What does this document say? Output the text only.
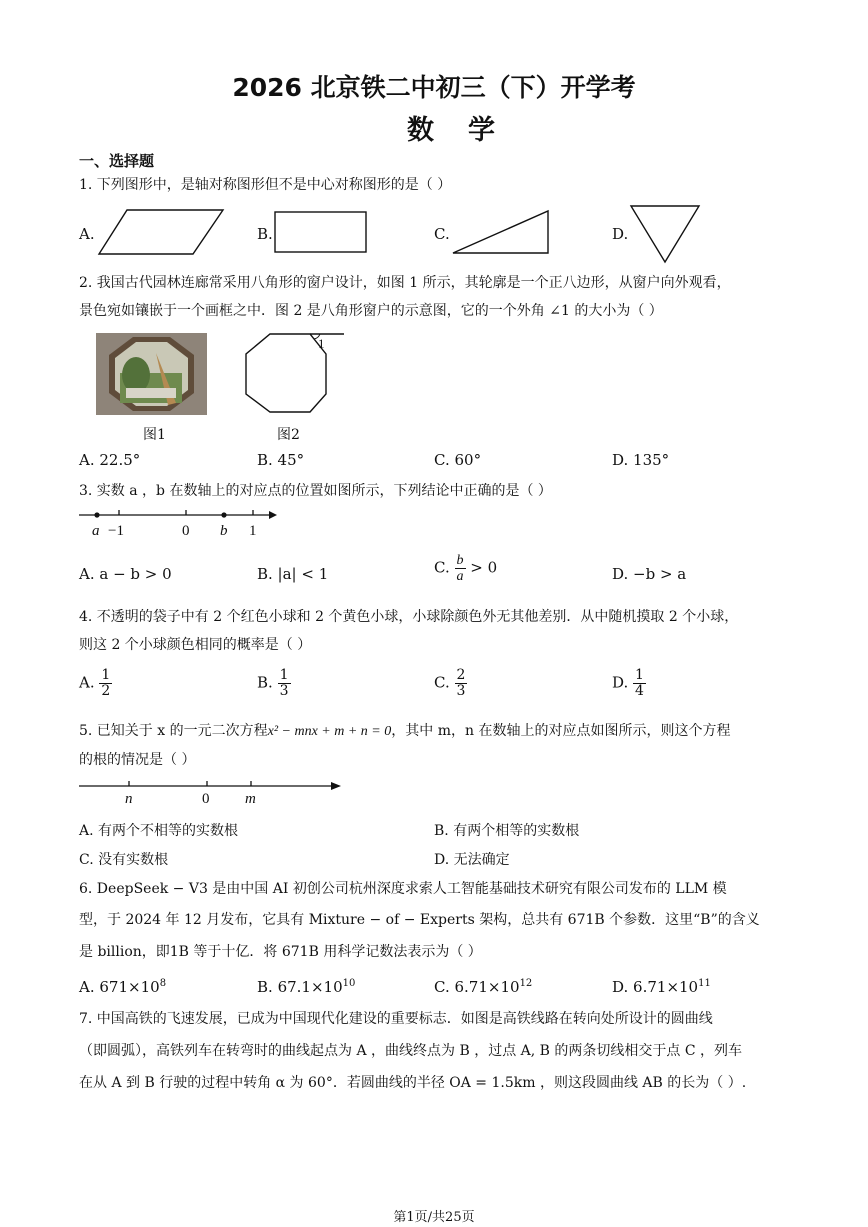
2026 北京铁二中初三（下）开学考
数学
一、选择题
1. 下列图形中，是轴对称图形但不是中心对称图形的是（ ）
A.	B.	C.	D.
2. 我国古代园林连廊常采用八角形的窗户设计，如图 1 所示，其轮廓是一个正八边形，从窗户向外观看，
景色宛如镶嵌于一个画框之中．图 2 是八角形窗户的示意图，它的一个外角 ∠1 的大小为（ ）
图1
1
图2
A. 22.5°	B. 45°	C. 60°	D. 135°
3. 实数 a ，b 在数轴上的对应点的位置如图所示，下列结论中正确的是（ ）
a −1	0 b 1
A. a − b > 0	B. |a| < 1	C. $\frac{b}{a} > 0$	D. −b > a
4. 不透明的袋子中有 2 个红色小球和 2 个黄色小球，小球除颜色外无其他差别．从中随机摸取 2 个小球，
则这 2 个小球颜色相同的概率是（ ）
A. $\frac{1}{2}$	B. $\frac{1}{3}$	C. $\frac{2}{3}$	D. $\frac{1}{4}$
5. 已知关于 x 的一元二次方程x² − mnx + m + n = 0，其中 m，n 在数轴上的对应点如图所示，则这个方程
的根的情况是（ ）
n	0 m
A. 有两个不相等的实数根	B. 有两个相等的实数根
C. 没有实数根	D. 无法确定
6. DeepSeek − V3 是由中国 AI 初创公司杭州深度求索人工智能基础技术研究有限公司发布的 LLM 模
型，于 2024 年 12 月发布，它具有 Mixture − of − Experts 架构，总共有 671B 个参数．这里“B”的含义
是 billion，即1B 等于十亿．将 671B 用科学记数法表示为（ ）
A. $671\times 10^8$	B. $67.1\times 10^{10}$	C. $6.71\times 10^{12}$	D. $6.71\times 10^{11}$
7. 中国高铁的飞速发展，已成为中国现代化建设的重要标志．如图是高铁线路在转向处所设计的圆曲线
（即圆弧），高铁列车在转弯时的曲线起点为 A ，曲线终点为 B ，过点 A, B 的两条切线相交于点 C ，列车
在从 A 到 B 行驶的过程中转角 α 为 60°．若圆曲线的半径 OA = 1.5km ，则这段圆曲线 AB 的长为（ ）.
第1页/共25页
